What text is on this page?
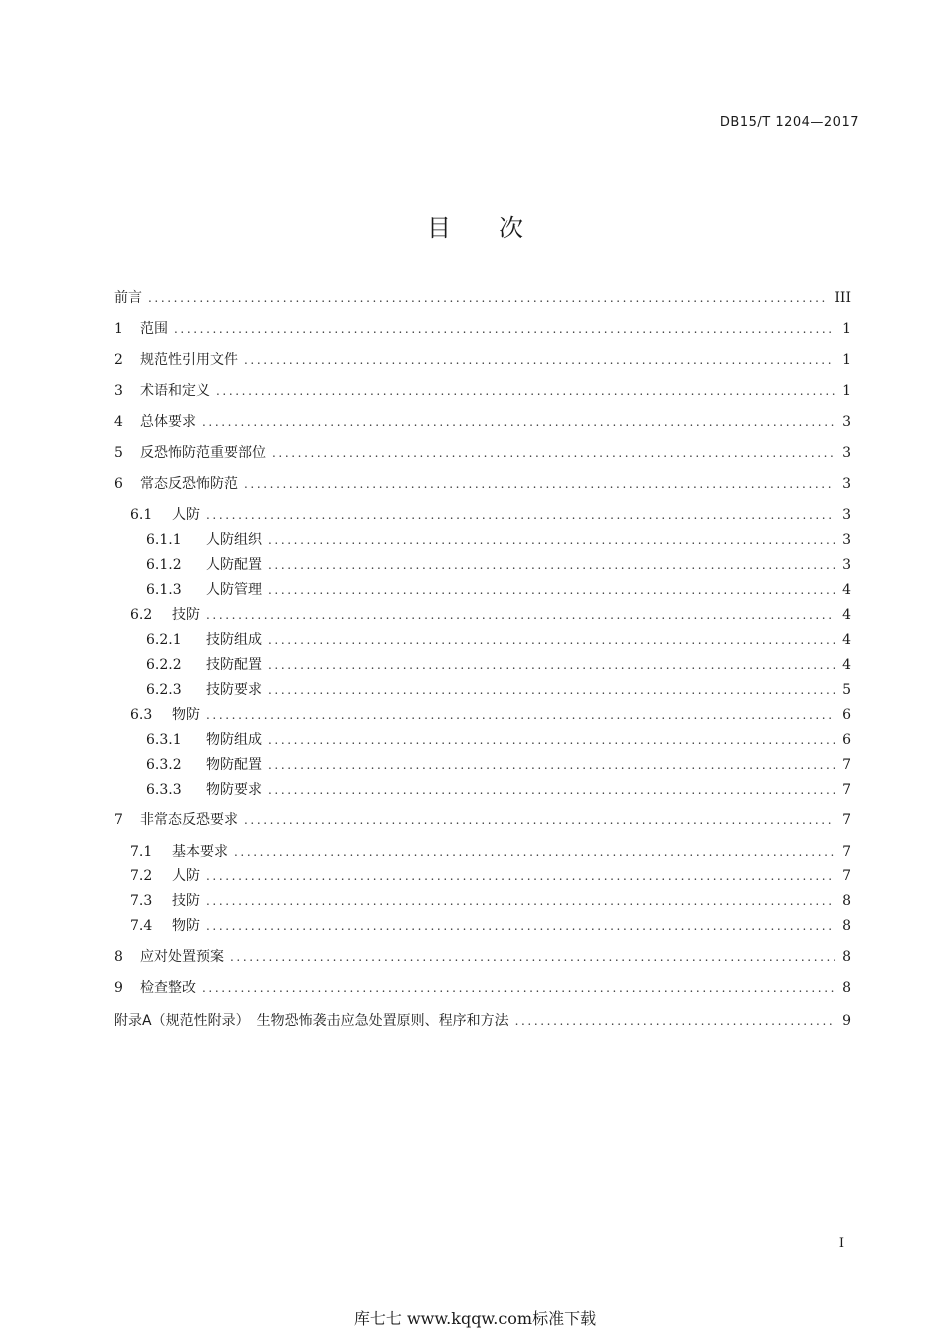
DB15/T 1204—2017
目 次
前言 .....	III
1	范围 .....	1
2	规范性引用文件 .....	1
3	术语和定义 .....	1
4	总体要求 .....	3
5	反恐怖防范重要部位 .....	3
6	常态反恐怖防范 .....	3
6.1	人防 .....	3
6.1.1	人防组织 .....	3
6.1.2	人防配置 .....	3
6.1.3	人防管理 .....	4
6.2	技防 .....	4
6.2.1	技防组成 .....	4
6.2.2	技防配置 .....	4
6.2.3	技防要求 .....	5
6.3	物防 .....	6
6.3.1	物防组成 .....	6
6.3.2	物防配置 .....	7
6.3.3	物防要求 .....	7
7	非常态反恐要求 .....	7
7.1	基本要求 .....	7
7.2	人防 .....	7
7.3	技防 .....	8
7.4	物防 .....	8
8	应对处置预案 .....	8
9	检查整改 .....	8
附录A（规范性附录）　生物恐怖袭击应急处置原则、程序和方法 .....	9
I
库七七 www.kqqw.com标准下载
